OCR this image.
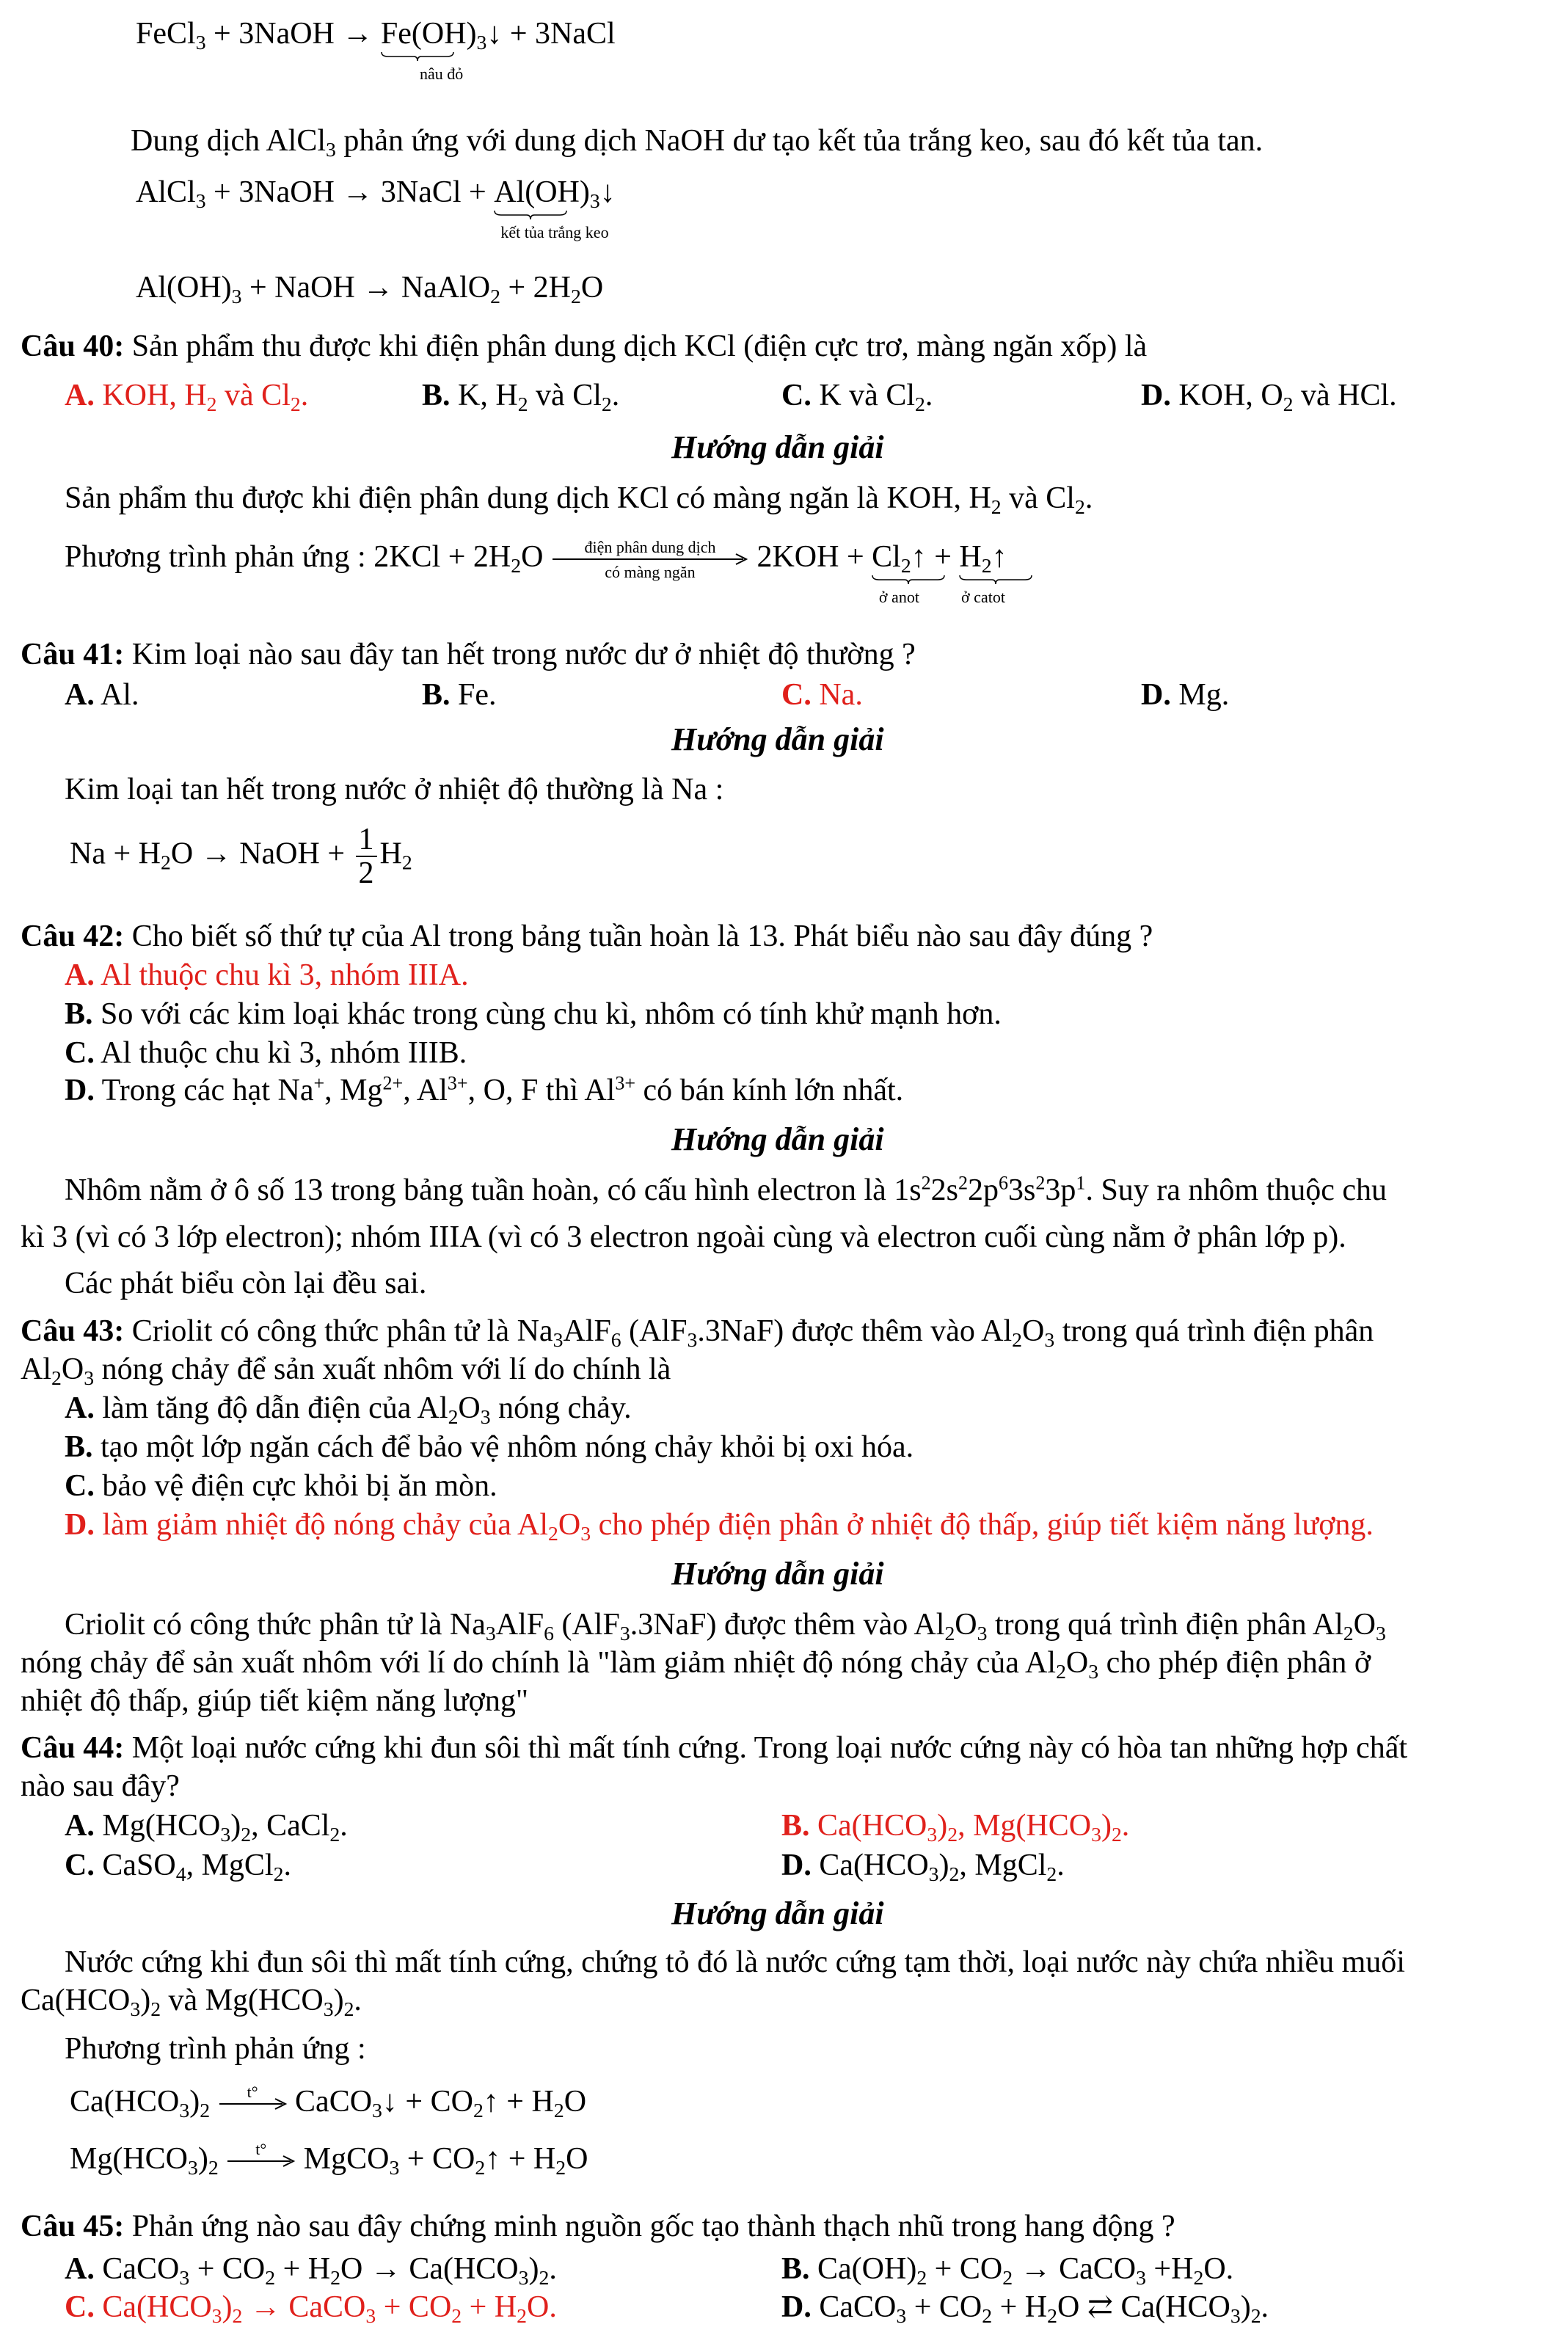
FeCl$_3$ + 3NaOH → $Fe(OH)_3↓$
nâu đỏ
+ 3NaCl
Dung dịch AlCl$_3$ phản ứng với dung dịch NaOH dư tạo kết tủa trắng keo, sau đó kết tủa tan.
AlCl$_3$ + 3NaOH → 3NaCl + $Al(OH)_3↓$
kết tủa trắng keo
$Al(OH)_3$ + NaOH → NaAlO$_2$ + $2H_2O$
Câu 40: Sản phẩm thu được khi điện phân dung dịch KCl (điện cực trơ, màng ngăn xốp) là
A. KOH, $H_2$ và $Cl_2$.	B. K, $H_2$ và $Cl_2$.	C. K và $Cl_2$.	D. KOH, $O_2$ và HCl.
Hướng dẫn giải
Sản phẩm thu được khi điện phân dung dịch KCl có màng ngăn là KOH, $H_2$ và $Cl_2$.
Phương trình phản ứng : $2KCl + 2H_2O$	điện phân dung dịch
có màng ngăn	$2KOH + Cl_2↑$
ở anot
+ $H_2↑$
ở catot
Câu 41: Kim loại nào sau đây tan hết trong nước dư ở nhiệt độ thường ?
A. Al.	B. Fe.	C. Na.	D. Mg.
Hướng dẫn giải
Kim loại tan hết trong nước ở nhiệt độ thường là Na :
$Na + H_2O$ → NaOH + $\frac{1}{2} H_2$
Câu 42: Cho biết số thứ tự của Al trong bảng tuần hoàn là 13. Phát biểu nào sau đây đúng ?
A. Al thuộc chu kì 3, nhóm IIIA.
B. So với các kim loại khác trong cùng chu kì, nhôm có tính khử mạnh hơn.
C. Al thuộc chu kì 3, nhóm IIIB.
D. Trong các hạt Na+, $Mg^{2+}$, $Al^{3+}$, O, F thì $Al^{3+}$ có bán kính lớn nhất.
Hướng dẫn giải
Nhôm nằm ở ô số 13 trong bảng tuần hoàn, có cấu hình electron là $1s^22s^22p^63s^23p^1$. Suy ra nhôm thuộc chu
kì 3 (vì có 3 lớp electron); nhóm IIIA (vì có 3 electron ngoài cùng và electron cuối cùng nằm ở phân lớp p).
Các phát biểu còn lại đều sai.
Câu 43: Criolit có công thức phân tử là $Na_3AlF_6$ (AlF$_3$.3NaF) được thêm vào $Al_2O_3$ trong quá trình điện phân
$Al_2O_3$ nóng chảy để sản xuất nhôm với lí do chính là
A. làm tăng độ dẫn điện của $Al_2O_3$ nóng chảy.
B. tạo một lớp ngăn cách để bảo vệ nhôm nóng chảy khỏi bị oxi hóa.
C. bảo vệ điện cực khỏi bị ăn mòn.
D. làm giảm nhiệt độ nóng chảy của $Al_2O_3$ cho phép điện phân ở nhiệt độ thấp, giúp tiết kiệm năng lượng.
Hướng dẫn giải
Criolit có công thức phân tử là $Na_3AlF_6$ (AlF$_3$.3NaF) được thêm vào $Al_2O_3$ trong quá trình điện phân $Al_2O_3$
nóng chảy để sản xuất nhôm với lí do chính là "làm giảm nhiệt độ nóng chảy của $Al_2O_3$ cho phép điện phân ở
nhiệt độ thấp, giúp tiết kiệm năng lượng"
Câu 44: Một loại nước cứng khi đun sôi thì mất tính cứng. Trong loại nước cứng này có hòa tan những hợp chất
nào sau đây?
A. $Mg(HCO_3)_2$, CaCl$_2$.	B. $Ca(HCO_3)_2$, $Mg(HCO_3)_2$.
C. CaSO$_4$, MgCl$_2$.	D. $Ca(HCO_3)_2$, MgCl$_2$.
Hướng dẫn giải
Nước cứng khi đun sôi thì mất tính cứng, chứng tỏ đó là nước cứng tạm thời, loại nước này chứa nhiều muối
$Ca(HCO_3)_2$ và $Mg(HCO_3)_2$.
Phương trình phản ứng :
$Ca(HCO_3)_2$
t°	CaCO$_3$↓ + $CO_2↑ + H_2O$
$Mg(HCO_3)_2$
t°	MgCO$_3$ + $CO_2↑ + H_2O$
Câu 45: Phản ứng nào sau đây chứng minh nguồn gốc tạo thành thạch nhũ trong hang động ?
A. CaCO$_3$ + $CO_2 + H_2O \to Ca(HCO_3)_2$.	B. $Ca(OH)_2 + CO_2$ → CaCO$_3$ $+H_2O$.
C. $Ca(HCO_3)_2$ → CaCO$_3$ + $CO_2 + H_2O$.	D. CaCO$_3$ + $CO_2 + H_2O$ ⇄ $Ca(HCO_3)_2$.
